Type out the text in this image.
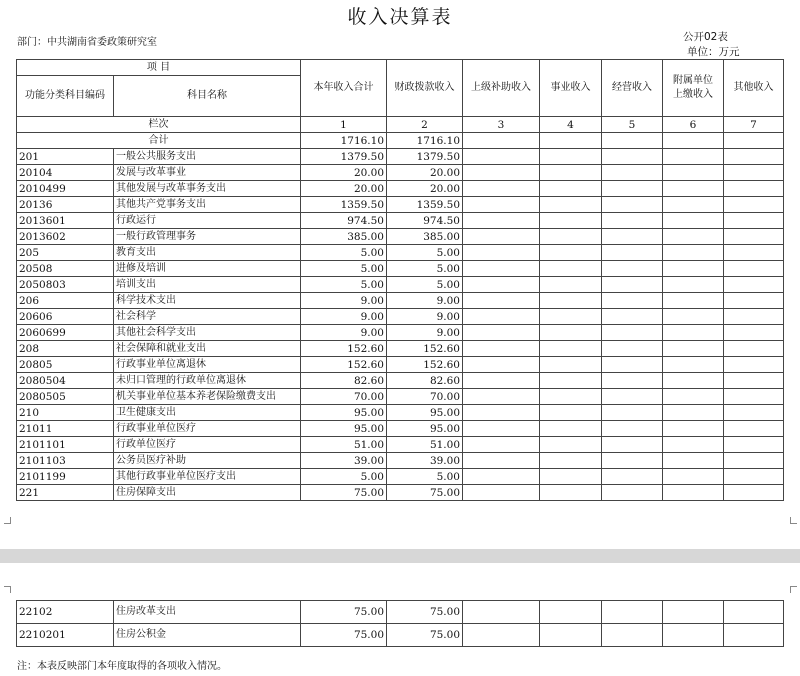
收入决算表
部门：中共湖南省委政策研究室	公开02表
单位：万元
项 目		本年收入合计	财政拨款收入	上级补助收入	事业收入	经营收入	附属单位上缴收入	其他收入
功能分类科目编码	科目名称							
栏次		1	2	3	4	5	6	7
合计		1716.10	1716.10					
201	一般公共服务支出	1379.50	1379.50					
20104	发展与改革事业	20.00	20.00					
2010499	其他发展与改革事务支出	20.00	20.00					
20136	其他共产党事务支出	1359.50	1359.50					
2013601	行政运行	974.50	974.50					
2013602	一般行政管理事务	385.00	385.00					
205	教育支出	5.00	5.00					
20508	进修及培训	5.00	5.00					
2050803	培训支出	5.00	5.00					
206	科学技术支出	9.00	9.00					
20606	社会科学	9.00	9.00					
2060699	其他社会科学支出	9.00	9.00					
208	社会保障和就业支出	152.60	152.60					
20805	行政事业单位离退休	152.60	152.60					
2080504	未归口管理的行政单位离退休	82.60	82.60					
2080505	机关事业单位基本养老保险缴费支出	70.00	70.00					
210	卫生健康支出	95.00	95.00					
21011	行政事业单位医疗	95.00	95.00					
2101101	行政单位医疗	51.00	51.00					
2101103	公务员医疗补助	39.00	39.00					
2101199	其他行政事业单位医疗支出	5.00	5.00					
221	住房保障支出	75.00	75.00					
22102	住房改革支出	75.00	75.00					
2210201	住房公积金	75.00	75.00					
注：本表反映部门本年度取得的各项收入情况。
